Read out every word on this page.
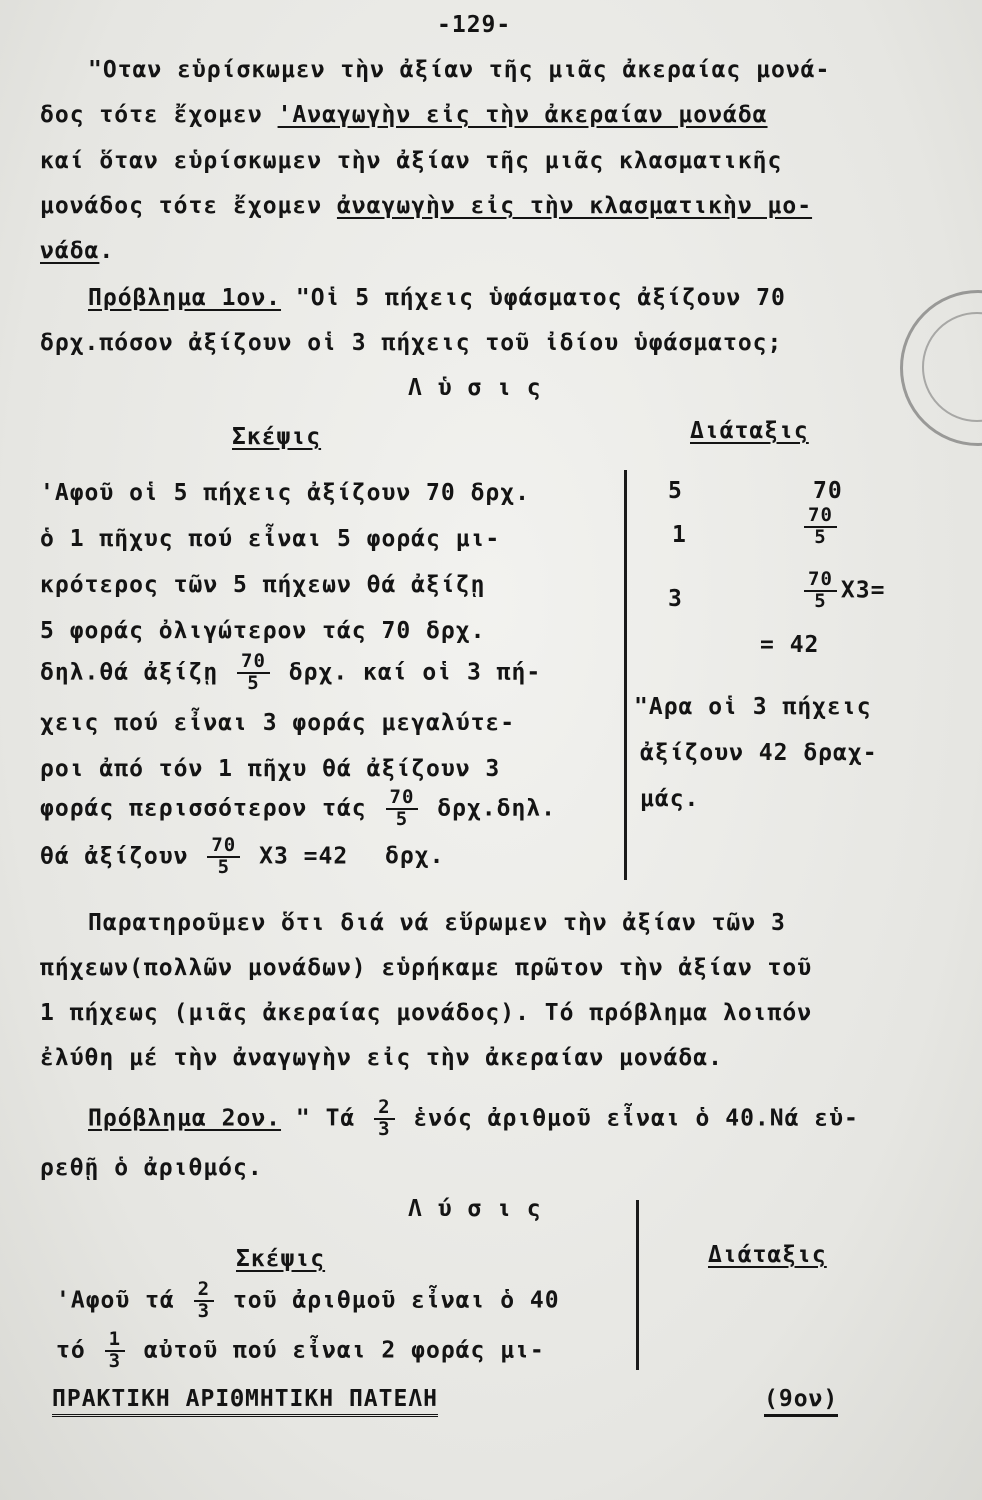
-129-
"Οταν εὑρίσκωμεν τὴν ἀξίαν τῆς μιᾶς ἀκεραίας μονά-
δος τότε ἔχομεν 'Αναγωγὴν εἰς τὴν ἀκεραίαν μονάδα
καί ὅταν εὑρίσκωμεν τὴν ἀξίαν τῆς μιᾶς κλασματικῆς
μονάδος τότε ἔχομεν ἀναγωγὴν εἰς τὴν κλασματικὴν μο-
νάδα.
Πρόβλημα 1ον. "Οἱ 5 πήχεις ὑφάσματος ἀξίζουν 70
δρχ.πόσον ἀξίζουν οἱ 3 πήχεις τοῦ ἰδίου ὑφάσματος;
Λ ὑ σ ι ς
Σκέψις	Διάταξις
'Αφοῦ οἱ 5 πήχεις ἀξίζουν 70 δρχ.
ὁ 1 πῆχυς πού εἶναι 5 φοράς μι-
κρότερος τῶν 5 πήχεων θά ἀξίζῃ
5 φοράς ὀλιγώτερον τάς 70 δρχ.
δηλ.θά ἀξίζῃ $\frac{70}{5} \delta\rho\chi$. καί οἱ 3 πή-
χεις πού εἶναι 3 φοράς μεγαλύτε-
ροι ἀπό τόν 1 πῆχυ θά ἀξίζουν 3
φοράς περισσότερον τάς $\frac{70}{5} \delta\rho\chi.\delta\eta\lambda$.
θά ἀξίζουν $\frac{70}{5} X3 =42$ δρχ.
5	70
1	$\frac{70}{5}$
3	$\frac{70}{5} X3=$
= 42
"Αρα οἱ 3 πήχεις
ἀξίζουν 42 δραχ-
μάς.
Παρατηροῦμεν ὅτι διά νά εὕρωμεν τὴν ἀξίαν τῶν 3
πήχεων(πολλῶν μονάδων) εὑρήκαμε πρῶτον τὴν ἀξίαν τοῦ
1 πήχεως (μιᾶς ἀκεραίας μονάδος). Τό πρόβλημα λοιπόν
ἐλύθη μέ τὴν ἀναγωγὴν εἰς τὴν ἀκεραίαν μονάδα.
Πρόβλημα 2ον. " Τά $\frac{2}{3}$ ἑνός ἀριθμοῦ εἶναι ὁ 40.Νά εὑ-
ρεθῇ ὁ ἀριθμός.
Λ ύ σ ι ς
Σκέψις	Διάταξις
'Αφοῦ τά $\frac{2}{3}$ τοῦ ἀριθμοῦ εἶναι ὁ 40
τό $\frac{1}{3}$ αὐτοῦ πού εἶναι 2 φοράς μι-
ΠΡΑΚΤΙΚΗ ΑΡΙΘΜΗΤΙΚΗ ΠΑΤΕΛΗ	(9ον)
